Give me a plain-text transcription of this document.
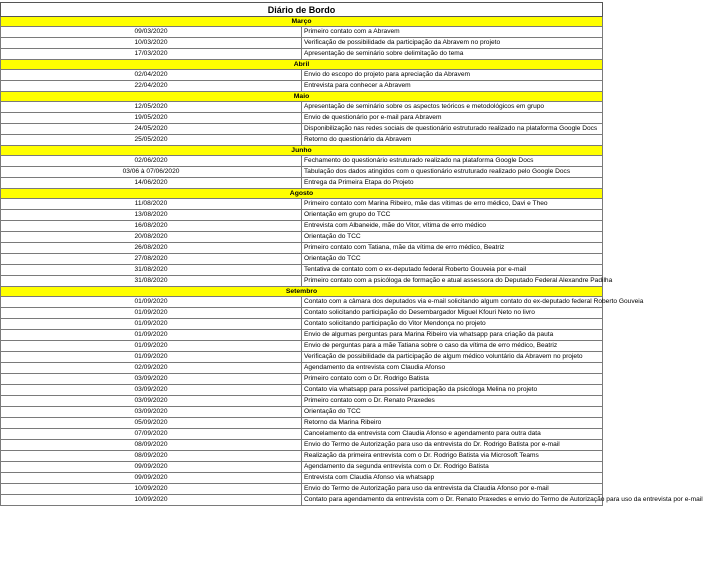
Diário de Bordo	
Março	
09/03/2020	Primeiro contato com a Abravem
10/03/2020	Verificação de possibilidade da participação da Abravem no projeto
17/03/2020	Apresentação de seminário sobre delimitação do tema
Abril	
02/04/2020	Envio do escopo do projeto para apreciação da Abravem
22/04/2020	Entrevista para conhecer a Abravem
Maio	
12/05/2020	Apresentação de seminário sobre os aspectos teóricos e metodológicos em grupo
19/05/2020	Envio de questionário por e-mail para Abravem
24/05/2020	Disponibilização nas redes sociais de questionário estruturado realizado na plataforma Google Docs
25/05/2020	Retorno do questionário da Abravem
Junho	
02/06/2020	Fechamento do questionário estruturado realizado na plataforma Google Docs
03/06 à 07/06/2020	Tabulação dos dados atingidos com o questionário estruturado realizado pelo Google Docs
14/06/2020	Entrega da Primeira Etapa do Projeto
Agosto	
11/08/2020	Primeiro contato com Marina Ribeiro, mãe das vítimas de erro médico, Davi e Theo
13/08/2020	Orientação em grupo do TCC
16/08/2020	Entrevista com Albaneide, mãe do Vitor, vítima de erro médico
20/08/2020	Orientação do TCC
26/08/2020	Primeiro contato com Tatiana, mãe da vítima de erro médico, Beatriz
27/08/2020	Orientação do TCC
31/08/2020	Tentativa de contato com o ex-deputado federal Roberto Gouveia por e-mail
31/08/2020	Primeiro contato com a psicóloga de formação e atual assessora do Deputado Federal Alexandre Padilha
Setembro	
01/09/2020	Contato com a câmara dos deputados via e-mail solicitando algum contato do ex-deputado federal Roberto Gouveia
01/09/2020	Contato solicitando participação do Desembargador Miguel Kfouri Neto no livro
01/09/2020	Contato solicitando participação do Vitor Mendonça no projeto
01/09/2020	Envio de algumas perguntas para Marina Ribeiro via whatsapp para criação da pauta
01/09/2020	Envio de perguntas para a mãe Tatiana sobre o caso da vítima de erro médico, Beatriz
01/09/2020	Verificação de possibilidade da participação de algum médico voluntário da Abravem no projeto
02/09/2020	Agendamento da entrevista com Claudia Afonso
03/09/2020	Primeiro contato com o Dr. Rodrigo Batista
03/09/2020	Contato via whatsapp para possível participação da psicóloga Melina no projeto
03/09/2020	Primeiro contato com o Dr. Renato Praxedes
03/09/2020	Orientação do TCC
05/09/2020	Retorno da Marina Ribeiro
07/09/2020	Cancelamento da entrevista com Claudia Afonso e agendamento para outra data
08/09/2020	Envio do Termo de Autorização para uso da entrevista do Dr. Rodrigo Batista por e-mail
08/09/2020	Realização da primeira entrevista com o Dr. Rodrigo Batista via Microsoft Teams
09/09/2020	Agendamento da segunda entrevista com o Dr. Rodrigo Batista
09/09/2020	Entrevista com Claudia Afonso via whatsapp
10/09/2020	Envio do Termo de Autorização para uso da entrevista da Claudia Afonso por e-mail
10/09/2020	Contato para agendamento da entrevista com o Dr. Renato Praxedes e envio do Termo de Autorização para uso da entrevista por e-mail
